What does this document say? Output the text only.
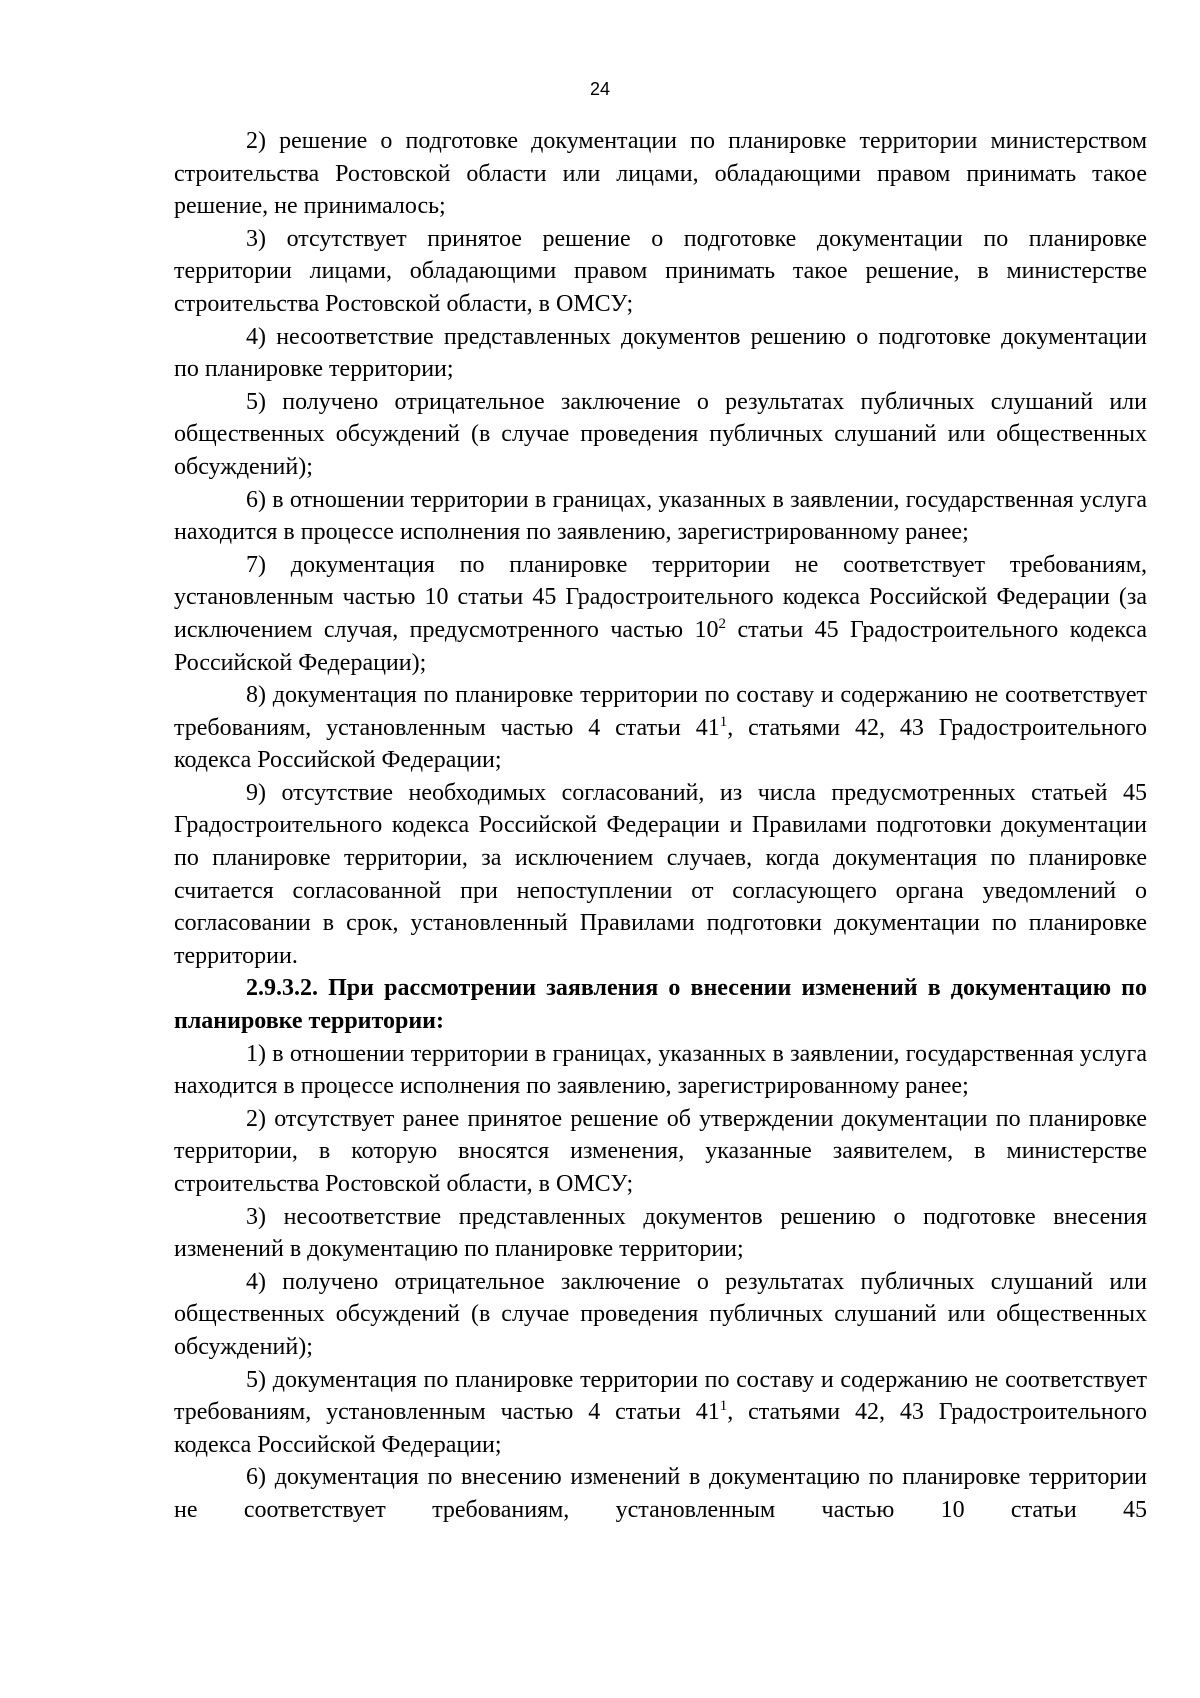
24

2) решение о подготовке документации по планировке территории министерством строительства Ростовской области или лицами, обладающими правом принимать такое решение, не принималось;

3) отсутствует принятое решение о подготовке документации по планировке территории лицами, обладающими правом принимать такое решение, в министерстве строительства Ростовской области, в ОМСУ;

4) несоответствие представленных документов решению о подготовке документации по планировке территории;

5) получено отрицательное заключение о результатах публичных слушаний или общественных обсуждений (в случае проведения публичных слушаний или общественных обсуждений);

6) в отношении территории в границах, указанных в заявлении, государственная услуга находится в процессе исполнения по заявлению, зарегистрированному ранее;

7) документация по планировке территории не соответствует требованиям, установленным частью 10 статьи 45 Градостроительного кодекса Российской Федерации (за исключением случая, предусмотренного частью $10^2$ статьи 45 Градостроительного кодекса Российской Федерации);

8) документация по планировке территории по составу и содержанию не соответствует требованиям, установленным частью 4 статьи $41^1$, статьями 42, 43 Градостроительного кодекса Российской Федерации;

9) отсутствие необходимых согласований, из числа предусмотренных статьей 45 Градостроительного кодекса Российской Федерации и Правилами подготовки документации по планировке территории, за исключением случаев, когда документация по планировке считается согласованной при непоступлении от согласующего органа уведомлений о согласовании в срок, установленный Правилами подготовки документации по планировке территории.

2.9.3.2. При рассмотрении заявления о внесении изменений в документацию по планировке территории:

1) в отношении территории в границах, указанных в заявлении, государственная услуга находится в процессе исполнения по заявлению, зарегистрированному ранее;

2) отсутствует ранее принятое решение об утверждении документации по планировке территории, в которую вносятся изменения, указанные заявителем, в министерстве строительства Ростовской области, в ОМСУ;

3) несоответствие представленных документов решению о подготовке внесения изменений в документацию по планировке территории;

4) получено отрицательное заключение о результатах публичных слушаний или общественных обсуждений (в случае проведения публичных слушаний или общественных обсуждений);

5) документация по планировке территории по составу и содержанию не соответствует требованиям, установленным частью 4 статьи $41^1$, статьями 42, 43 Градостроительного кодекса Российской Федерации;

6) документация по внесению изменений в документацию по планировке территории не соответствует требованиям, установленным частью 10 статьи 45
